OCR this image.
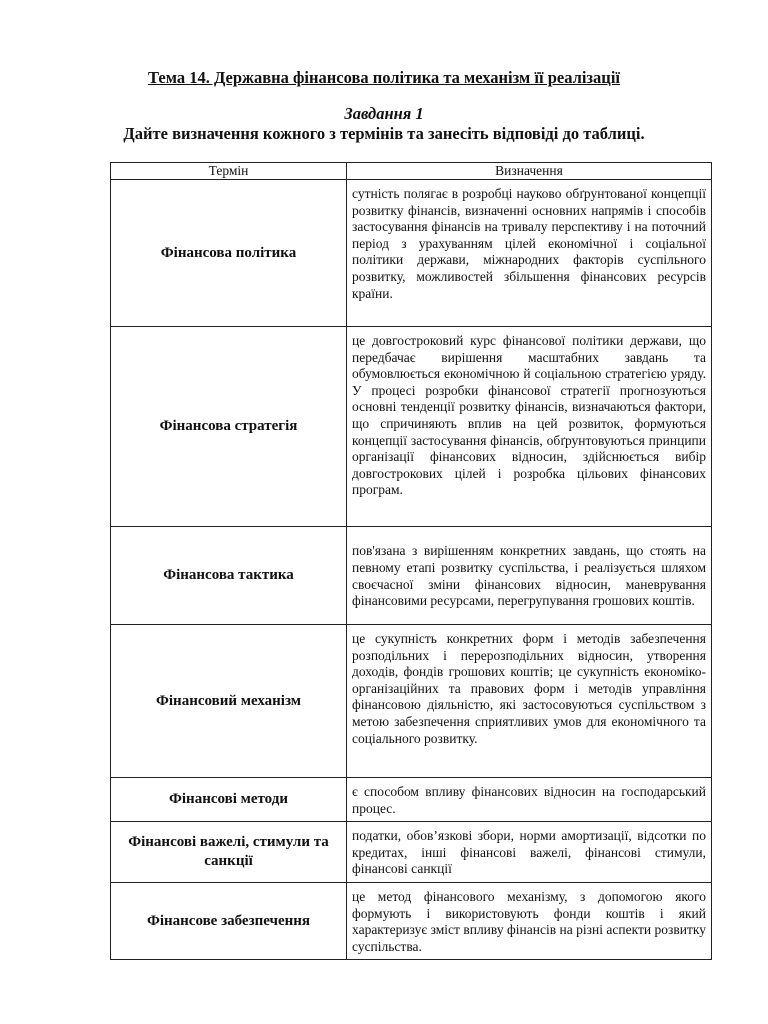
Тема 14. Державна фінансова політика та механізм її реалізації
Завдання 1
Дайте визначення кожного з термінів та занесіть відповіді до таблиці.
Термін	Визначення
Фінансова політика	сутність полягає в розробці науково обґрунтованої концепції розвитку фінансів, визначенні основних напрямів і способів застосування фінансів на тривалу перспективу і на поточний період з урахуванням цілей економічної і соціальної політики держави, міжнародних факторів суспільного розвитку, можливостей збільшення фінансових ресурсів країни.
Фінансова стратегія	це довгостроковий курс фінансової політики держави, що передбачає вирішення масштабних завдань та обумовлюється економічною й соціальною стратегією уряду. У процесі розробки фінансової стратегії прогнозуються основні тенденції розвитку фінансів, визначаються фактори, що спричиняють вплив на цей розвиток, формуються концепції застосування фінансів, обґрунтовуються принципи організації фінансових відносин, здійснюється вибір довгострокових цілей і розробка цільових фінансових програм.
Фінансова тактика	пов'язана з вирішенням конкретних завдань, що стоять на певному етапі розвитку суспільства, і реалізується шляхом своєчасної зміни фінансових відносин, маневрування фінансовими ресурсами, перегрупування грошових коштів.
Фінансовий механізм	це сукупність конкретних форм і методів забезпечення розподільних і перерозподільних відносин, утворення доходів, фондів грошових коштів; це сукупність економіко-організаційних та правових форм і методів управління фінансовою діяльністю, які застосовуються суспільством з метою забезпечення сприятливих умов для економічного та соціального розвитку.
Фінансові методи	є способом впливу фінансових відносин на господарський процес.
Фінансові важелі, стимули та санкції	податки, обов’язкові збори, норми амортизації, відсотки по кредитах, інші фінансові важелі, фінансові стимули, фінансові санкції
Фінансове забезпечення	це метод фінансового механізму, з допомогою якого формують і використовують фонди коштів і який характеризує зміст впливу фінансів на різні аспекти розвитку суспільства.
